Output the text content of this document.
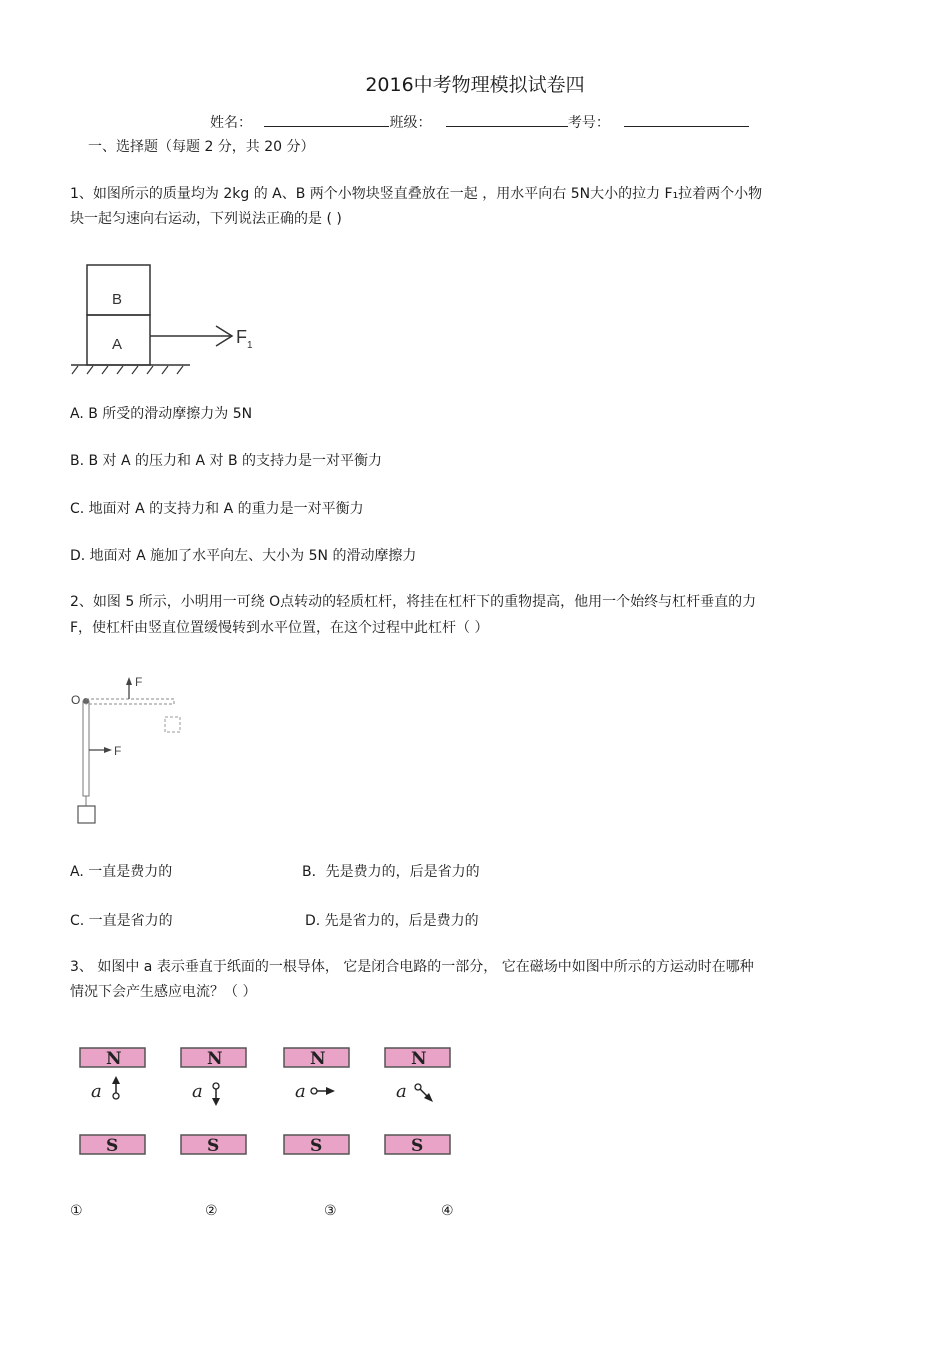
2016中考物理模拟试卷四
姓名：	班级：	考号：
一、选择题（每题 2 分，共 20 分）
1、如图所示的质量均为 2kg 的 A、B 两个小物块竖直叠放在一起 ，用水平向右 5N大小的拉力 F₁拉着两个小物
块一起匀速向右运动，下列说法正确的是 ( )
B
A	F 1
A. B 所受的滑动摩擦力为 5N
B. B 对 A 的压力和 A 对 B 的支持力是一对平衡力
C. 地面对 A 的支持力和 A 的重力是一对平衡力
D. 地面对 A 施加了水平向左、大小为 5N 的滑动摩擦力
2、如图 5 所示，小明用一可绕 O点转动的轻质杠杆，将挂在杠杆下的重物提高，他用一个始终与杠杆垂直的力
F，使杠杆由竖直位置缓慢转到水平位置，在这个过程中此杠杆（ ）
O
F
F
A. 一直是费力的	B．先是费力的，后是省力的
C. 一直是省力的	D. 先是省力的，后是费力的
3、 如图中 a 表示垂直于纸面的一根导体， 它是闭合电路的一部分， 它在磁场中如图中所示的方运动时在哪种
情况下会产生感应电流？（ ）
N
a
S
N
a
S
N
a
S
N
a
S
①	②	③	④
